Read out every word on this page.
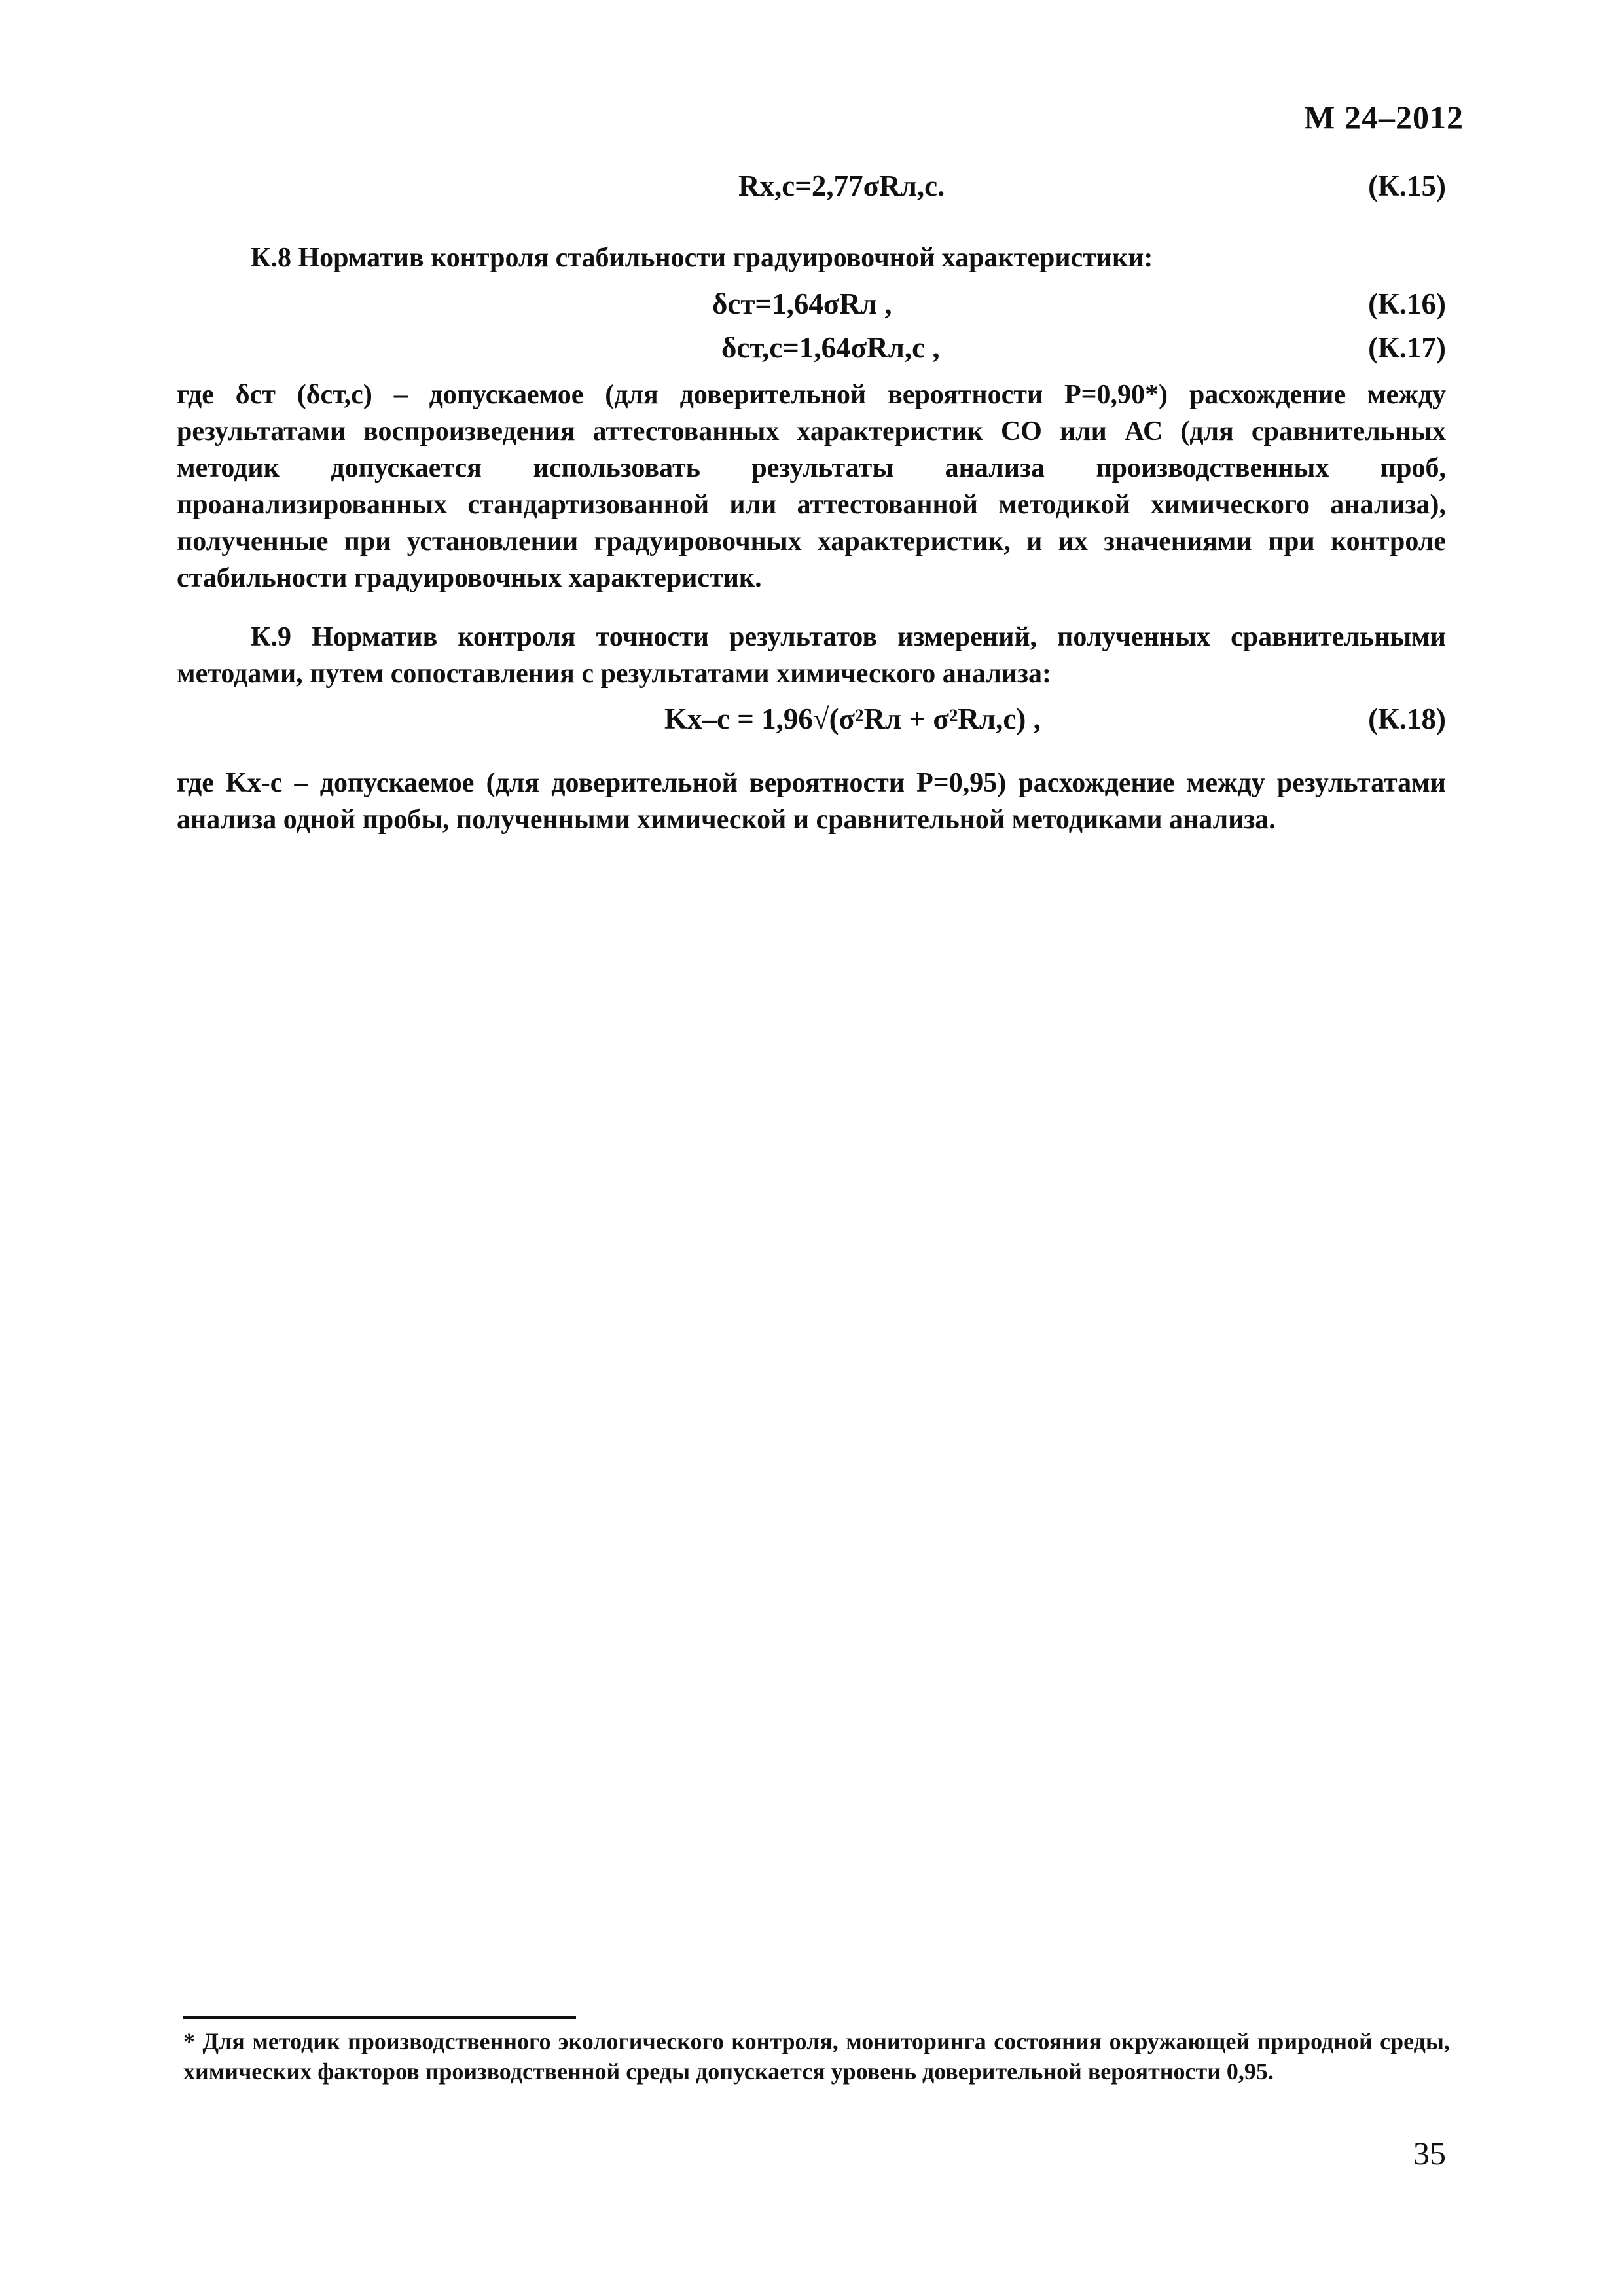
М 24–2012
Rх,с=2,77σRл,с.	(К.15)
К.8 Норматив контроля стабильности градуировочной характеристики:
δст=1,64σRл ,	(К.16)
δст,с=1,64σRл,с ,	(К.17)

где δст (δст,с) – допускаемое (для доверительной вероятности P=0,90*) расхождение между результатами воспроизведения аттестованных характеристик СО или АС (для сравнительных методик допускается использовать результаты анализа производственных проб, проанализированных стандартизованной или аттестованной методикой химического анализа), полученные при установлении градуировочных характеристик, и их значениями при контроле стабильности градуировочных характеристик.

К.9 Норматив контроля точности результатов измерений, полученных сравнительными методами, путем сопоставления с результатами химического анализа:

Kх–с = 1,96√(σ²Rл + σ²Rл,с) ,	(К.18)

где Kх-с – допускаемое (для доверительной вероятности P=0,95) расхождение между результатами анализа одной пробы, полученными химической и сравнительной методиками анализа.

* Для методик производственного экологического контроля, мониторинга состояния окружающей природной среды, химических факторов производственной среды допускается уровень доверительной вероятности 0,95.

35
